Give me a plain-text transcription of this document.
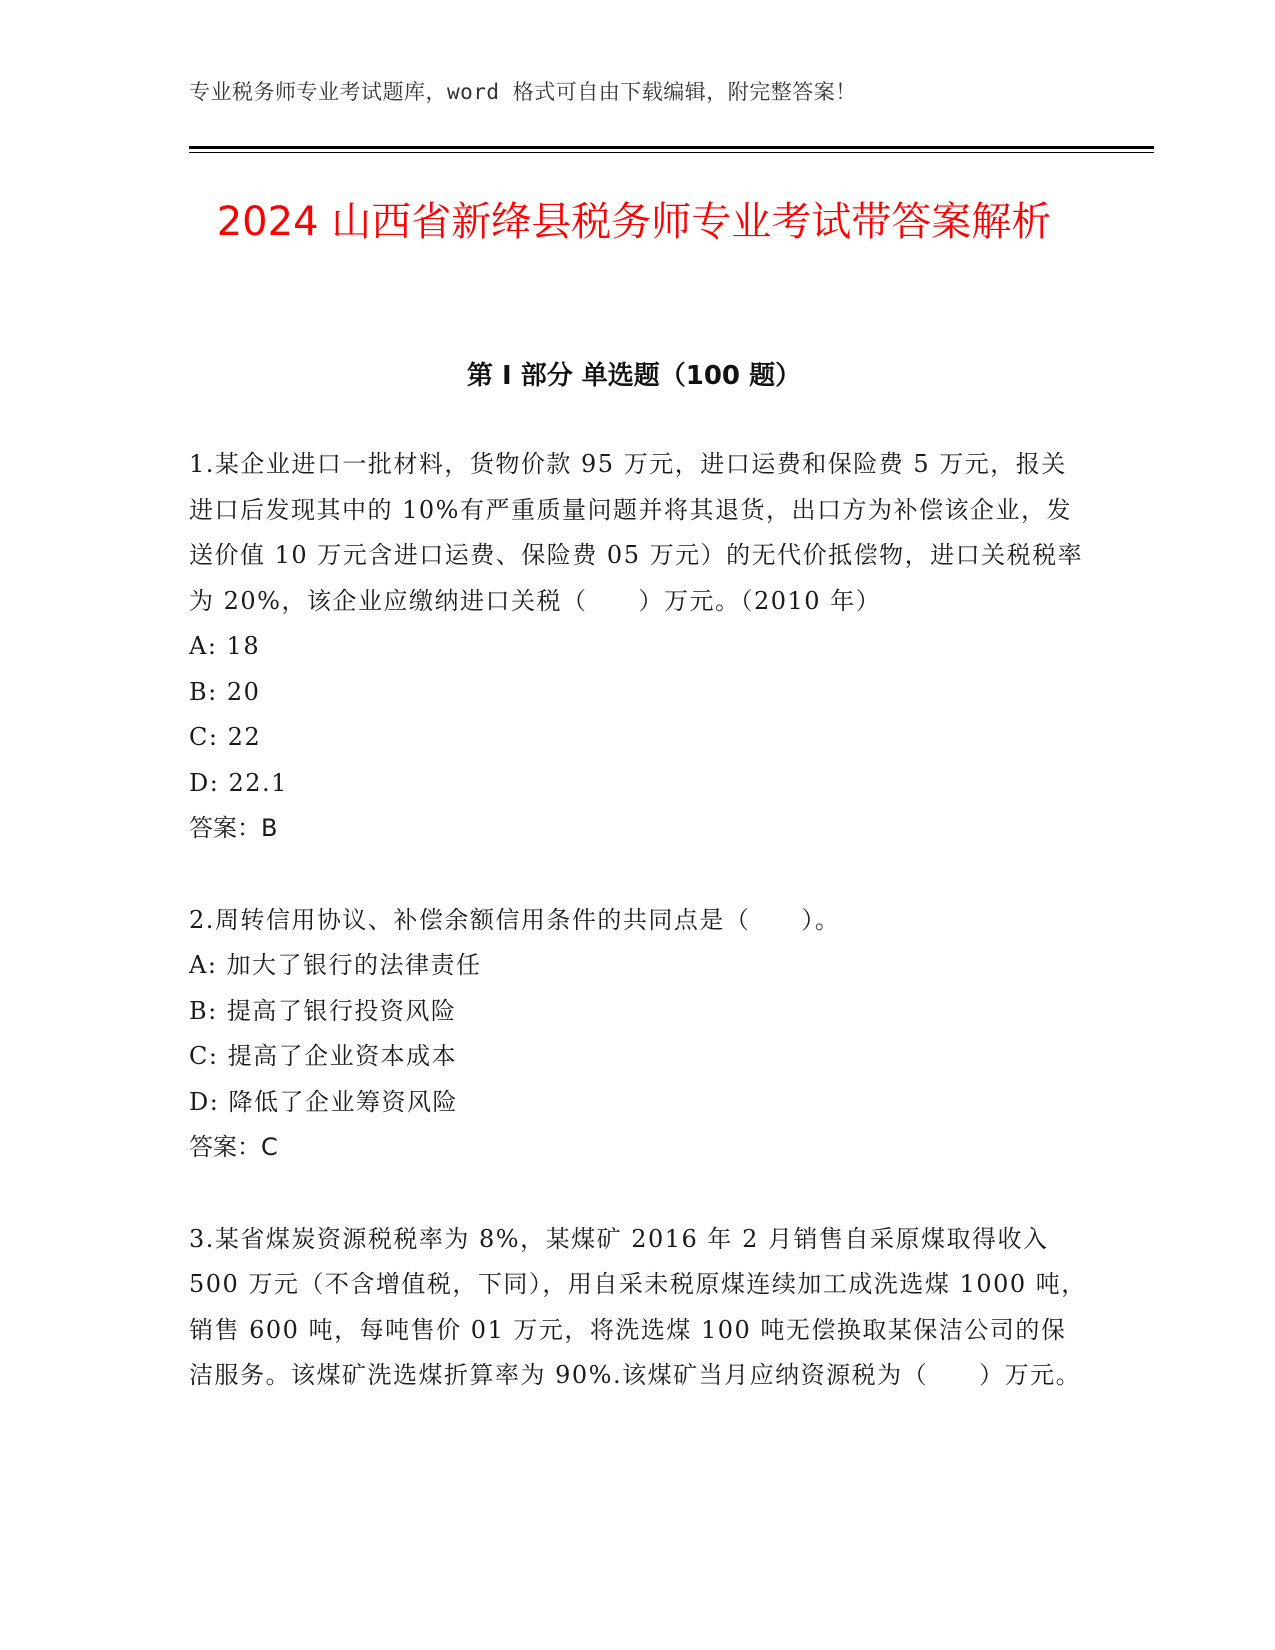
专业税务师专业考试题库，word 格式可自由下载编辑，附完整答案！
2024 山西省新绛县税务师专业考试带答案解析
第 I 部分 单选题（100 题）

1.某企业进口一批材料，货物价款 95 万元，进口运费和保险费 5 万元，报关进口后发现其中的 10%有严重质量问题并将其退货，出口方为补偿该企业，发送价值 10 万元含进口运费、保险费 05 万元）的无代价抵偿物，进口关税税率为 20%，该企业应缴纳进口关税（　　）万元。（2010 年）

A: 18

B: 20

C: 22

D: 22.1

答案：B

2.周转信用协议、补偿余额信用条件的共同点是（　　）。

A: 加大了银行的法律责任

B: 提高了银行投资风险

C: 提高了企业资本成本

D: 降低了企业筹资风险

答案：C

3.某省煤炭资源税税率为 8%，某煤矿 2016 年 2 月销售自采原煤取得收入 500 万元（不含增值税，下同），用自采未税原煤连续加工成洗选煤 1000 吨，销售 600 吨，每吨售价 01 万元，将洗选煤 100 吨无偿换取某保洁公司的保洁服务。该煤矿洗选煤折算率为 90%.该煤矿当月应纳资源税为（　　）万元。
